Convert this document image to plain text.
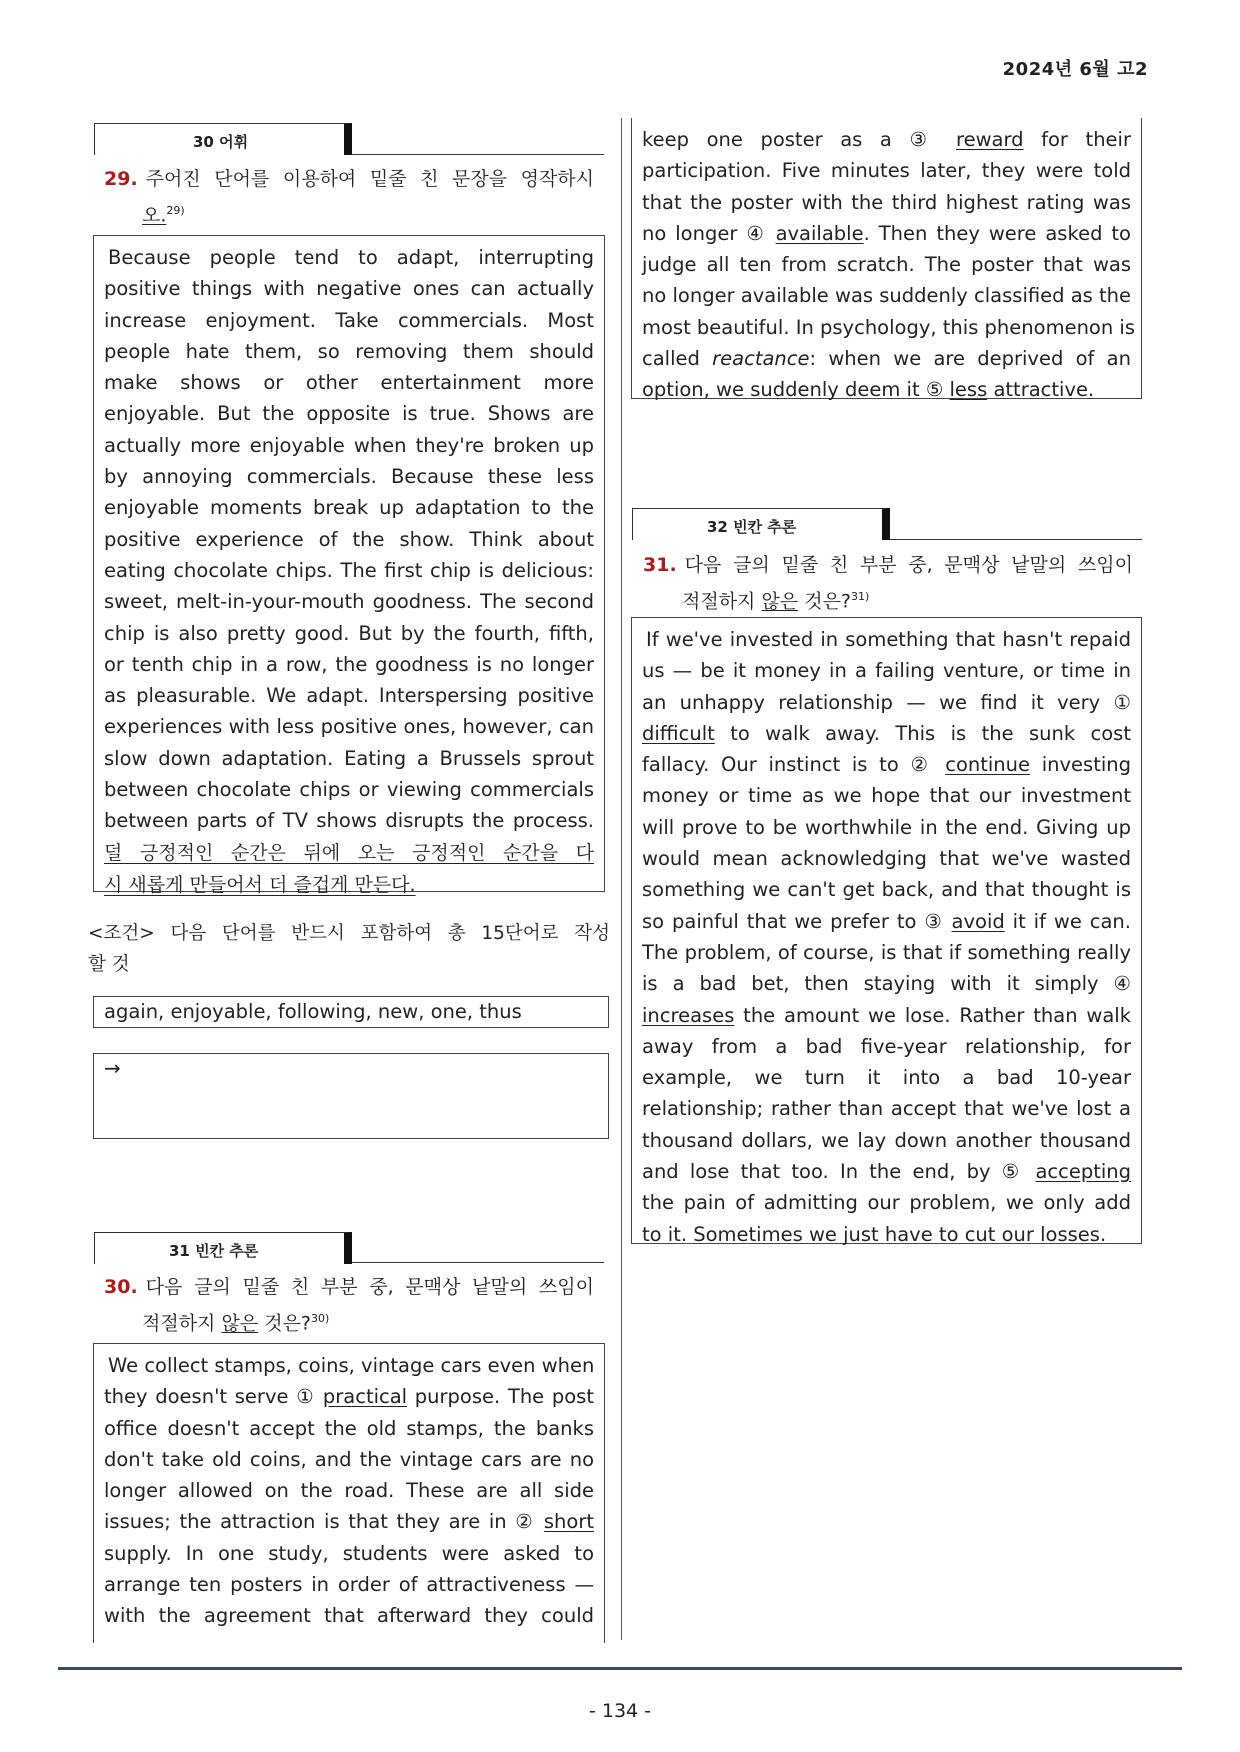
2024년 6월 고2
30 어휘
29. 주어진 단어를 이용하여 밑줄 친 문장을 영작하시
오.$^{29)}$
Because people tend to adapt, interrupting
positive things with negative ones can actually
increase enjoyment. Take commercials. Most
people hate them, so removing them should
make shows or other entertainment more
enjoyable. But the opposite is true. Shows are
actually more enjoyable when they're broken up
by annoying commercials. Because these less
enjoyable moments break up adaptation to the
positive experience of the show. Think about
eating chocolate chips. The first chip is delicious:
sweet, melt-in-your-mouth goodness. The second
chip is also pretty good. But by the fourth, fifth,
or tenth chip in a row, the goodness is no longer
as pleasurable. We adapt. Interspersing positive
experiences with less positive ones, however, can
slow down adaptation. Eating a Brussels sprout
between chocolate chips or viewing commercials
between parts of TV shows disrupts the process.
덜 긍정적인 순간은 뒤에 오는 긍정적인 순간을 다
시 새롭게 만들어서 더 즐겁게 만든다.
<조건> 다음 단어를 반드시 포함하여 총 15단어로 작성
할 것
again, enjoyable, following, new, one, thus
→
31 빈칸 추론
30. 다음 글의 밑줄 친 부분 중, 문맥상 낱말의 쓰임이
적절하지 않은 것은?$^{30)}$
We collect stamps, coins, vintage cars even when
they doesn't serve ① practical purpose. The post
office doesn't accept the old stamps, the banks
don't take old coins, and the vintage cars are no
longer allowed on the road. These are all side
issues; the attraction is that they are in ② short
supply. In one study, students were asked to
arrange ten posters in order of attractiveness —
with the agreement that afterward they could
keep one poster as a ③ reward for their
participation. Five minutes later, they were told
that the poster with the third highest rating was
no longer ④ available. Then they were asked to
judge all ten from scratch. The poster that was
no longer available was suddenly classified as the
most beautiful. In psychology, this phenomenon is
called reactance: when we are deprived of an
option, we suddenly deem it ⑤ less attractive.
32 빈칸 추론
31. 다음 글의 밑줄 친 부분 중, 문맥상 낱말의 쓰임이
적절하지 않은 것은?$^{31)}$
If we've invested in something that hasn't repaid
us — be it money in a failing venture, or time in
an unhappy relationship — we find it very ①
difficult to walk away. This is the sunk cost
fallacy. Our instinct is to ② continue investing
money or time as we hope that our investment
will prove to be worthwhile in the end. Giving up
would mean acknowledging that we've wasted
something we can't get back, and that thought is
so painful that we prefer to ③ avoid it if we can.
The problem, of course, is that if something really
is a bad bet, then staying with it simply ④
increases the amount we lose. Rather than walk
away from a bad five-year relationship, for
example, we turn it into a bad 10-year
relationship; rather than accept that we've lost a
thousand dollars, we lay down another thousand
and lose that too. In the end, by ⑤ accepting
the pain of admitting our problem, we only add
to it. Sometimes we just have to cut our losses.
- 134 -
